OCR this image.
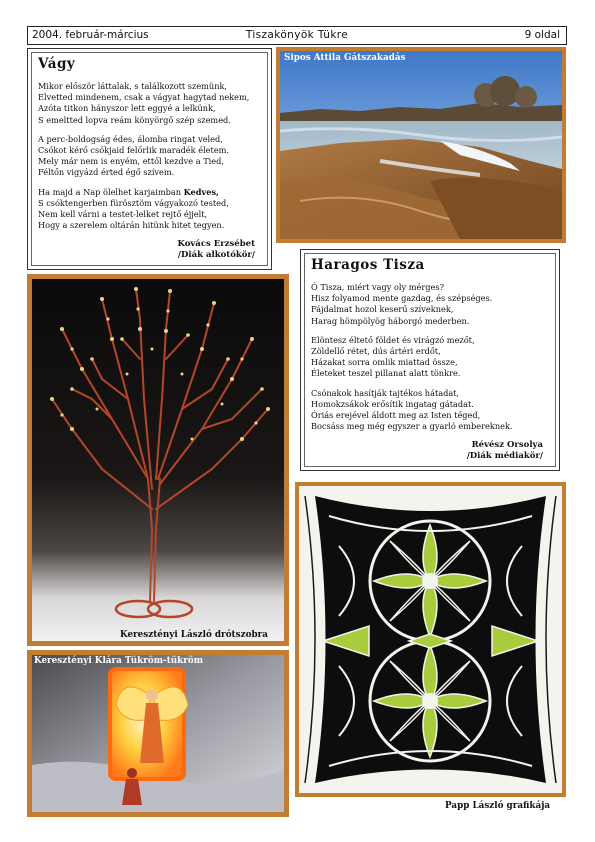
2004. február-március	Tiszakönyök Tükre	9 oldal
Vágy
Mikor először láttalak, s találkozott szemünk,
Elvetted mindenem, csak a vágyat hagytad nekem,
Azóta titkon hányszor lett eggyé a lelkünk,
S emeltted lopva reám könyörgő szép szemed.
A perc-boldogság édes, álomba ringat veled,
Csókot kérő csókjaid felőrlik maradék életem.
Mely már nem is enyém, ettől kezdve a Tied,
Féltőn vigyázd érted égő szívem.
Ha majd a Nap ölelhet karjaimban Kedves,
S csóktengerben fürösztöm vágyakozó tested,
Nem kell várni a testet-lelket rejtő éjjelt,
Hogy a szerelem oltárán hitünk hitet tegyen.
Kovács Erzsébet
/Diák alkotókör/
Sipos Attila Gátszakadás
Haragos Tisza
Ó Tisza, miért vagy oly mérges?
Hisz folyamod mente gazdag, és szépséges.
Fájdalmat hozol keserű szíveknek,
Harag hömpölyög háborgó mederben.
Elöntesz éltető földet és virágzó mezőt,
Zöldellő rétet, dús ártéri erdőt,
Házakat sorra omlik miattad össze,
Életeket teszel pillanat alatt tönkre.
Csónakok hasítják tajtékos hátadat,
Homokzsákok erősítik ingatag gátadat.
Óriás erejével áldott meg az Isten téged,
Bocsáss meg még egyszer a gyarló embereknek.
Révész Orsolya
/Diák médiakör/
Keresztényi László drótszobra
Papp László grafikája
Keresztényi Klára Tükröm-tükröm
